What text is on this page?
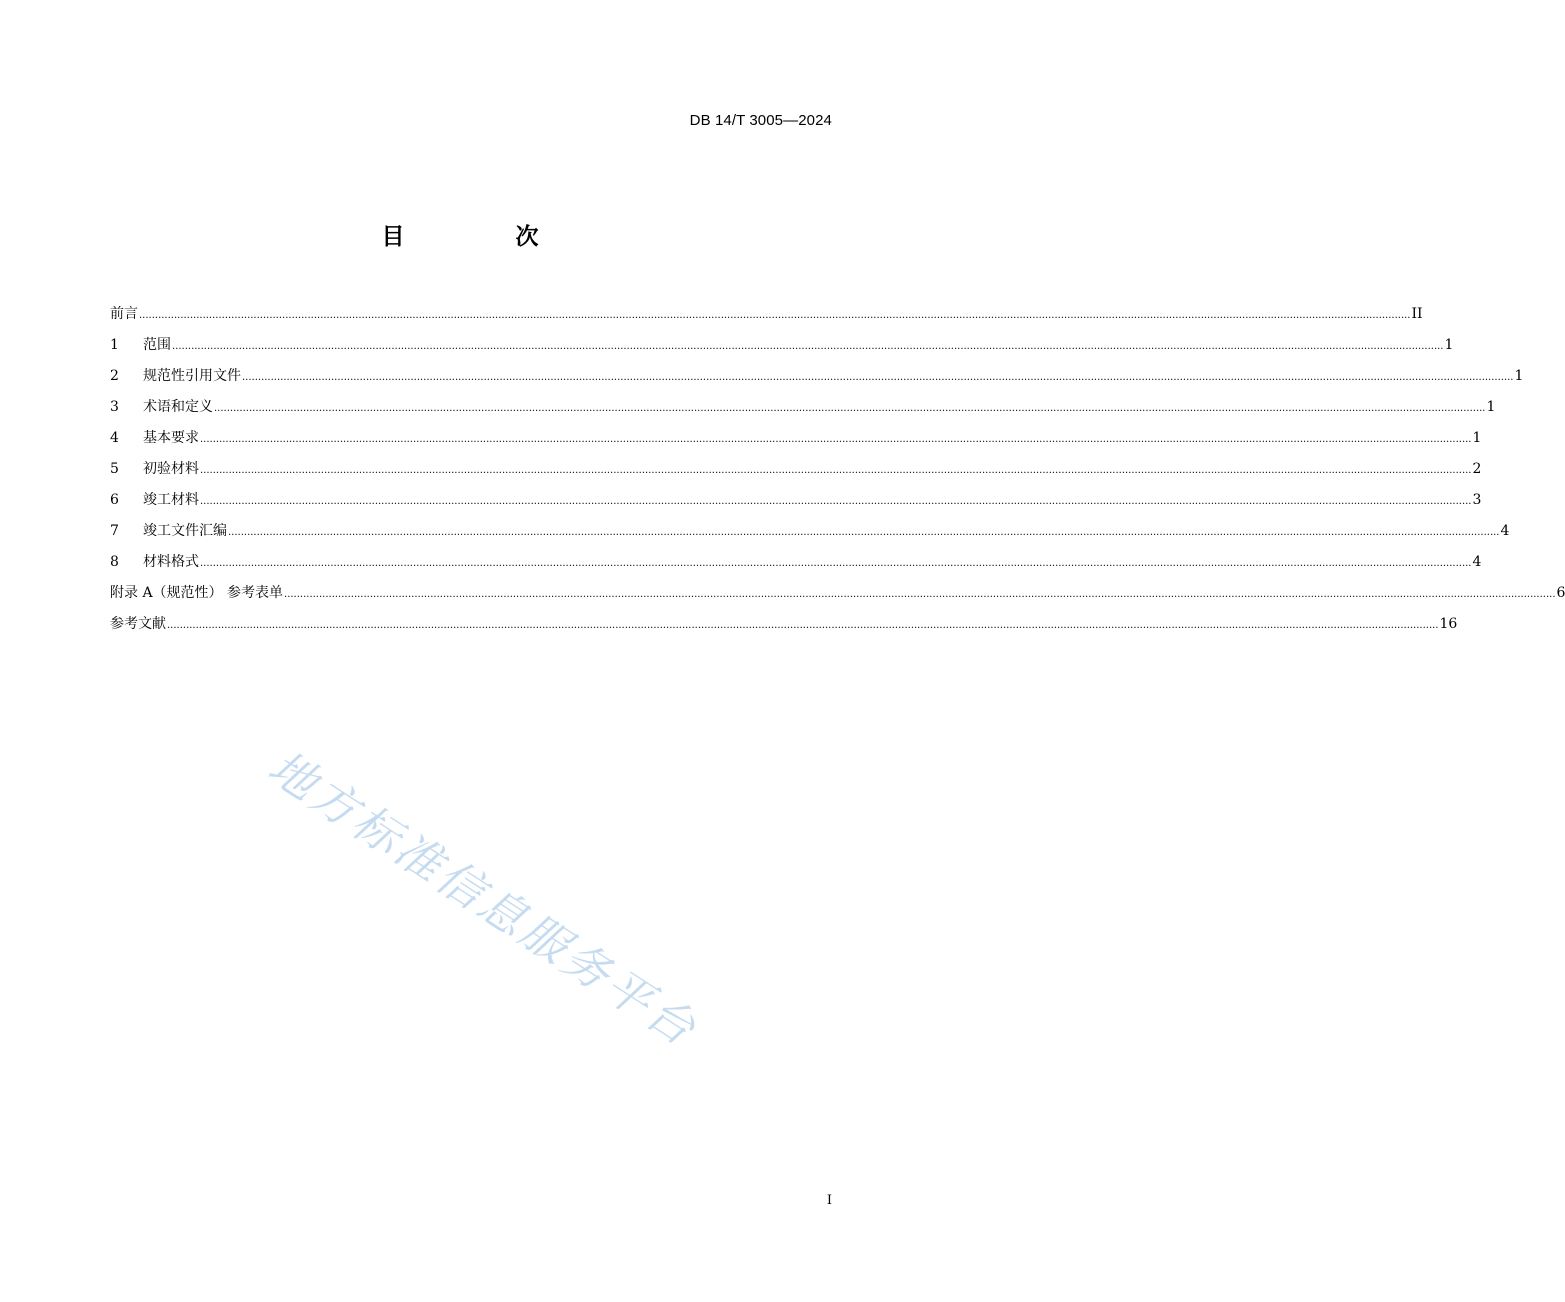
DB 14/T 3005—2024
目　次
前言 ................................................................................................................................................................................................................................................................................................................................................................................................................ II
1	范围 ................................................................................................................................................................................................................................................................................................................................................................................................................ 1
2	规范性引用文件 ................................................................................................................................................................................................................................................................................................................................................................................................................ 1
3	术语和定义 ................................................................................................................................................................................................................................................................................................................................................................................................................ 1
4	基本要求 ................................................................................................................................................................................................................................................................................................................................................................................................................ 1
5	初验材料 ................................................................................................................................................................................................................................................................................................................................................................................................................ 2
6	竣工材料 ................................................................................................................................................................................................................................................................................................................................................................................................................ 3
7	竣工文件汇编 ................................................................................................................................................................................................................................................................................................................................................................................................................ 4
8	材料格式 ................................................................................................................................................................................................................................................................................................................................................................................................................ 4
附录 A（规范性） 参考表单 ................................................................................................................................................................................................................................................................................................................................................................................................................ 6
参考文献 ................................................................................................................................................................................................................................................................................................................................................................................................................ 16
地方标准信息服务平台
I
